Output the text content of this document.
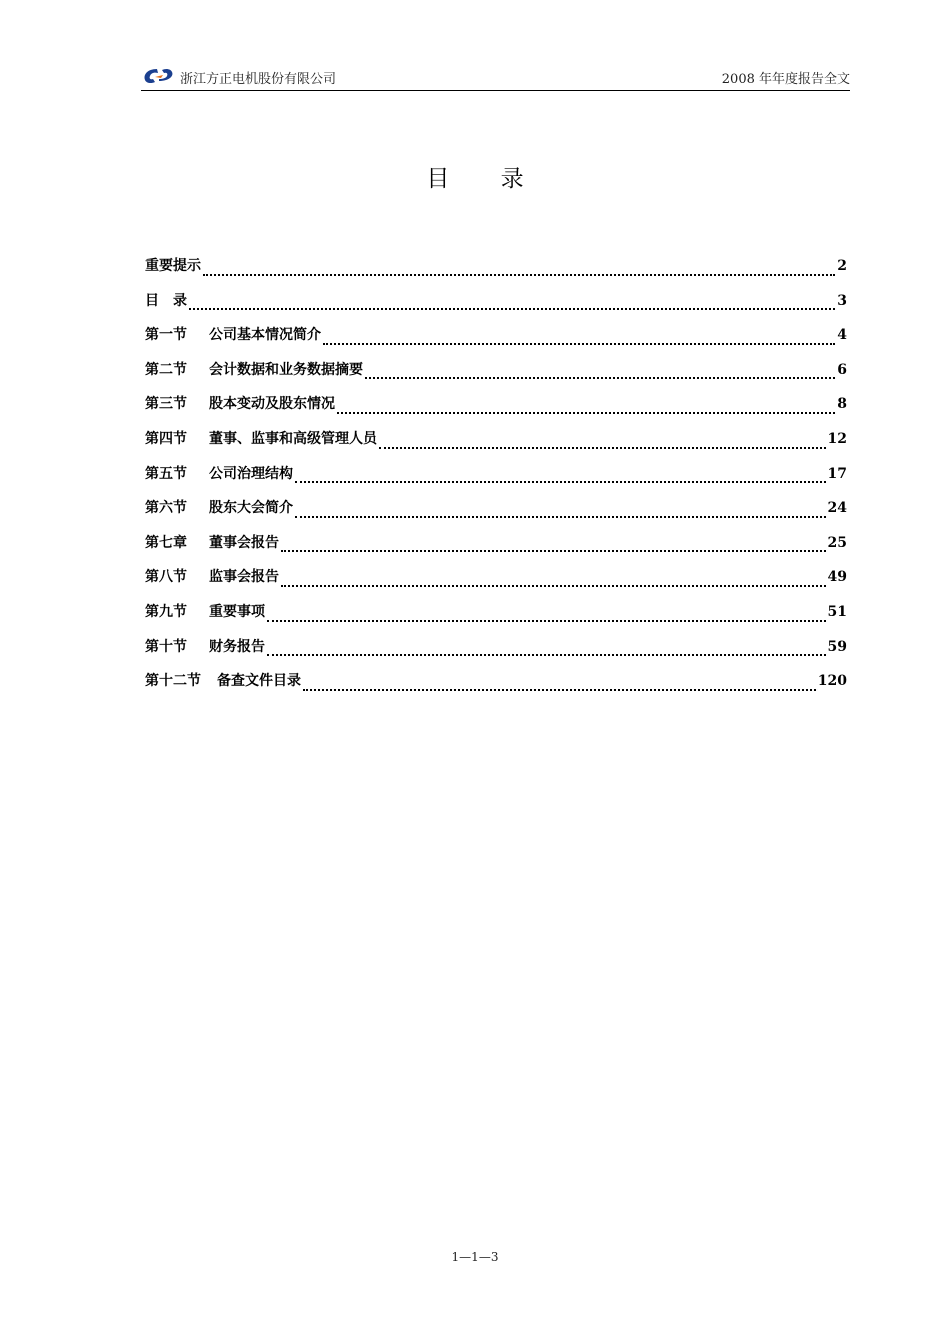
浙江方正电机股份有限公司	2008 年年度报告全文
目 录
重要提示	2
目　录	3
第一节	公司基本情况简介	4
第二节	会计数据和业务数据摘要	6
第三节	股本变动及股东情况	8
第四节	董事、监事和高级管理人员	12
第五节	公司治理结构	17
第六节	股东大会简介	24
第七章	董事会报告	25
第八节	监事会报告	49
第九节	重要事项	51
第十节	财务报告	59
第十二节	备查文件目录	120
1—1—3
